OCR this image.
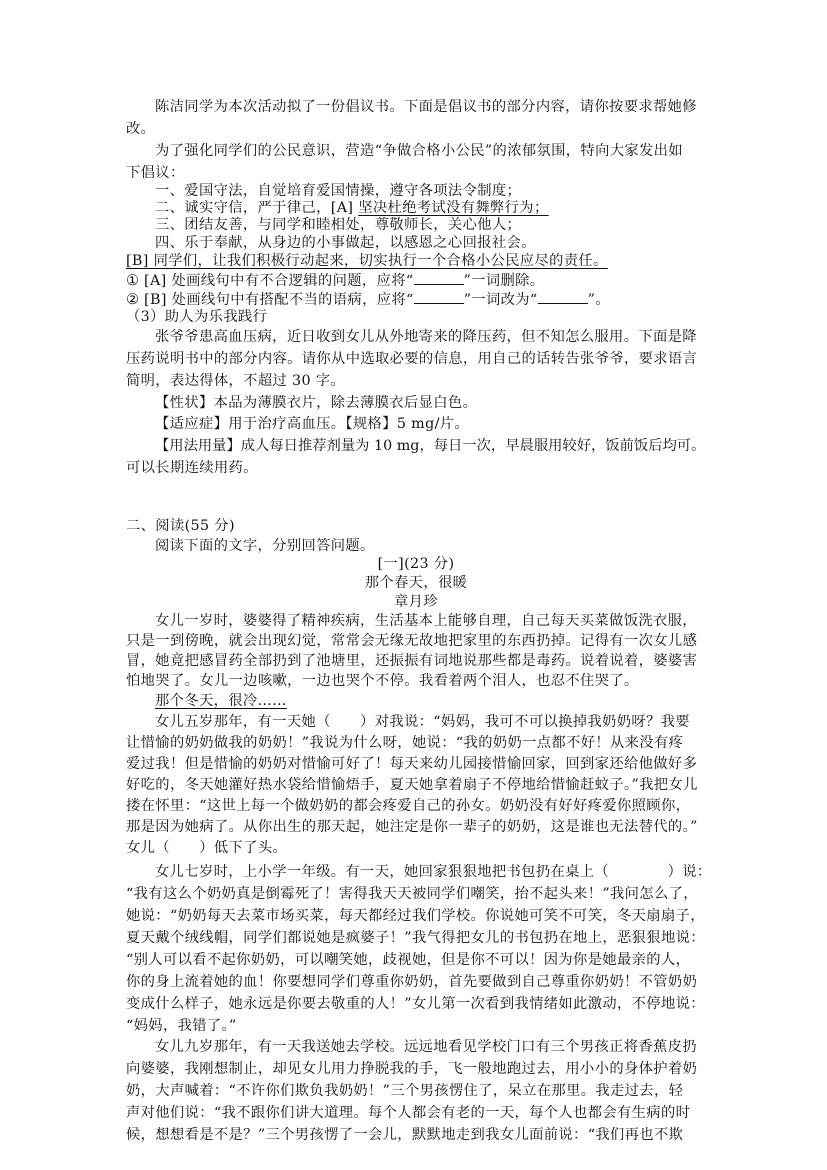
陈洁同学为本次活动拟了一份倡议书。下面是倡议书的部分内容，请你按要求帮她修
改。
为了强化同学们的公民意识，营造“争做合格小公民”的浓郁氛围，特向大家发出如
下倡议：
一、爱国守法，自觉培育爱国情操，遵守各项法令制度；
二、诚实守信，严于律己，[A] 坚决杜绝考试没有舞弊行为；
三、团结友善，与同学和睦相处，尊敬师长，关心他人；
四、乐于奉献，从身边的小事做起，以感恩之心回报社会。
[B] 同学们，让我们积极行动起来，切实执行一个合格小公民应尽的责任。
① [A] 处画线句中有不合逻辑的问题，应将“	”一词删除。
② [B] 处画线句中有搭配不当的语病，应将“	”一词改为“	”。
（3）助人为乐我践行
张爷爷患高血压病，近日收到女儿从外地寄来的降压药，但不知怎么服用。下面是降
压药说明书中的部分内容。请你从中选取必要的信息，用自己的话转告张爷爷，要求语言
简明，表达得体，不超过 30 字。
【性状】本品为薄膜衣片，除去薄膜衣后显白色。
【适应症】用于治疗高血压。【规格】5 mg/片。
【用法用量】成人每日推荐剂量为 10 mg，每日一次，早晨服用较好，饭前饭后均可。
可以长期连续用药。
二、阅读(55 分)
阅读下面的文字，分别回答问题。
[一](23 分)
那个春天，很暖
章月珍
女儿一岁时，婆婆得了精神疾病，生活基本上能够自理，自己每天买菜做饭洗衣服，
只是一到傍晚，就会出现幻觉，常常会无缘无故地把家里的东西扔掉。记得有一次女儿感
冒，她竟把感冒药全部扔到了池塘里，还振振有词地说那些都是毒药。说着说着，婆婆害
怕地哭了。女儿一边咳嗽，一边也哭个不停。我看着两个泪人，也忍不住哭了。
那个冬天，很冷……
女儿五岁那年，有一天她（　　）对我说：“妈妈，我可不可以换掉我奶奶呀？我要
让惜愉的奶奶做我的奶奶！”我说为什么呀，她说：“我的奶奶一点都不好！从来没有疼
爱过我！但是惜愉的奶奶对惜愉可好了！每天来幼儿园接惜愉回家，回到家还给他做好多
好吃的，冬天她灌好热水袋给惜愉焐手，夏天她拿着扇子不停地给惜愉赶蚊子。”我把女儿
搂在怀里：“这世上每一个做奶奶的都会疼爱自己的孙女。奶奶没有好好疼爱你照顾你，
那是因为她病了。从你出生的那天起，她注定是你一辈子的奶奶，这是谁也无法替代的。”
女儿（　　）低下了头。
女儿七岁时，上小学一年级。有一天，她回家狠狠地把书包扔在桌上（　　　　）说：
“我有这么个奶奶真是倒霉死了！害得我天天被同学们嘲笑，抬不起头来！”我问怎么了，
她说：“奶奶每天去菜市场买菜，每天都经过我们学校。你说她可笑不可笑，冬天扇扇子，
夏天戴个绒线帽，同学们都说她是疯婆子！”我气得把女儿的书包扔在地上，恶狠狠地说：
“别人可以看不起你奶奶，可以嘲笑她，歧视她，但是你不可以！因为你是她最亲的人，
你的身上流着她的血！你要想同学们尊重你奶奶，首先要做到自己尊重你奶奶！不管奶奶
变成什么样子，她永远是你要去敬重的人！”女儿第一次看到我情绪如此激动，不停地说：
“妈妈，我错了。”
女儿九岁那年，有一天我送她去学校。远远地看见学校门口有三个男孩正将香蕉皮扔
向婆婆，我刚想制止，却见女儿用力挣脱我的手，飞一般地跑过去，用小小的身体护着奶
奶，大声喊着：“不许你们欺负我奶奶！”三个男孩愣住了，呆立在那里。我走过去，轻
声对他们说：“我不跟你们讲大道理。每个人都会有老的一天，每个人也都会有生病的时
候，想想看是不是？”三个男孩愣了一会儿，默默地走到我女儿面前说：“我们再也不欺
